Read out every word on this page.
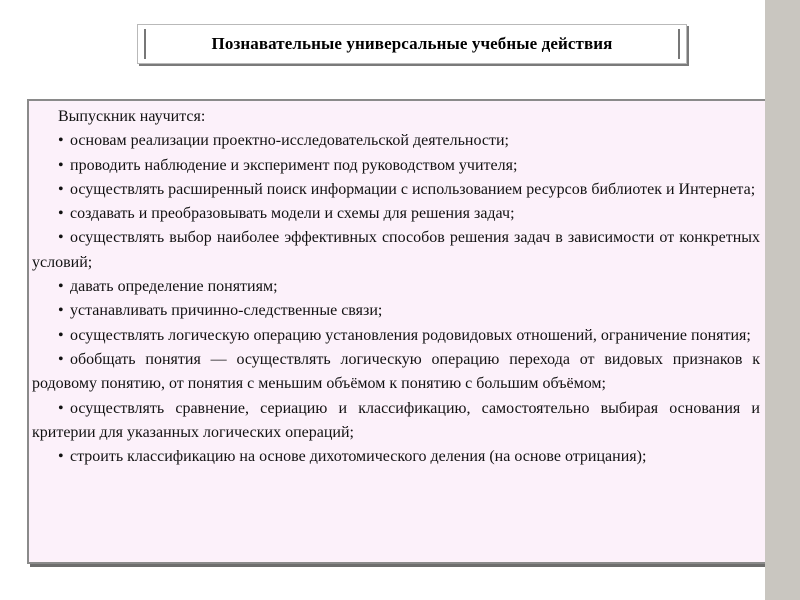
Познавательные универсальные учебные действия

Выпускник научится:

• основам реализации проектно-исследовательской деятельности;

• проводить наблюдение и эксперимент под руководством учителя;

• осуществлять расширенный поиск информации с использованием ресурсов библиотек и Интернета;

• создавать и преобразовывать модели и схемы для решения задач;

• осуществлять выбор наиболее эффективных способов решения задач в зависимости от конкретных условий;

• давать определение понятиям;

• устанавливать причинно-следственные связи;

• осуществлять логическую операцию установления родовидовых отношений, ограничение понятия;

• обобщать понятия — осуществлять логическую операцию перехода от видовых признаков к родовому понятию, от понятия с меньшим объёмом к понятию с большим объёмом;

• осуществлять сравнение, сериацию и классификацию, самостоятельно выбирая основания и критерии для указанных логических операций;

• строить классификацию на основе дихотомического деления (на основе отрицания);
